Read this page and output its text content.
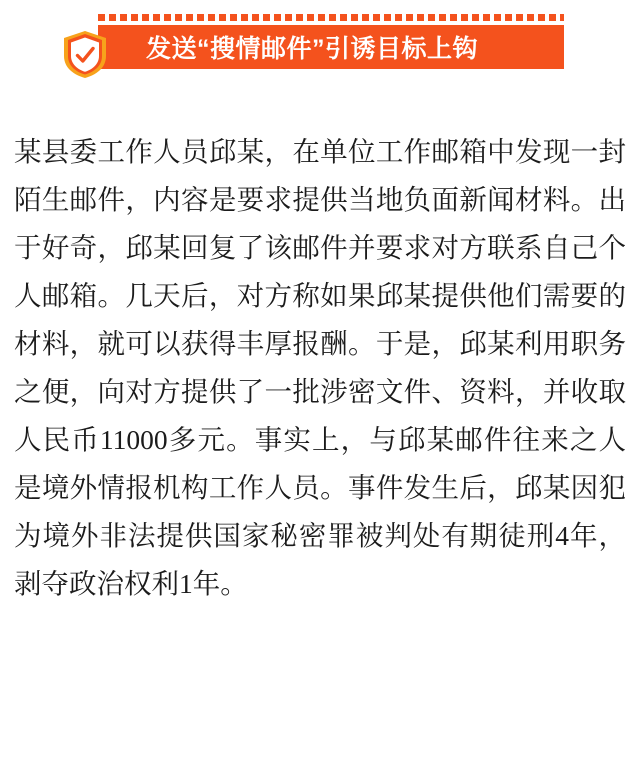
发送“搜情邮件”引诱目标上钩

某县委工作人员邱某，在单位工作邮箱中发现一封陌生邮件，内容是要求提供当地负面新闻材料。出于好奇，邱某回复了该邮件并要求对方联系自己个人邮箱。几天后，对方称如果邱某提供他们需要的材料，就可以获得丰厚报酬。于是，邱某利用职务之便，向对方提供了一批涉密文件、资料，并收取人民币11000多元。事实上，与邱某邮件往来之人是境外情报机构工作人员。事件发生后，邱某因犯为境外非法提供国家秘密罪被判处有期徒刑4年，剥夺政治权利1年。
